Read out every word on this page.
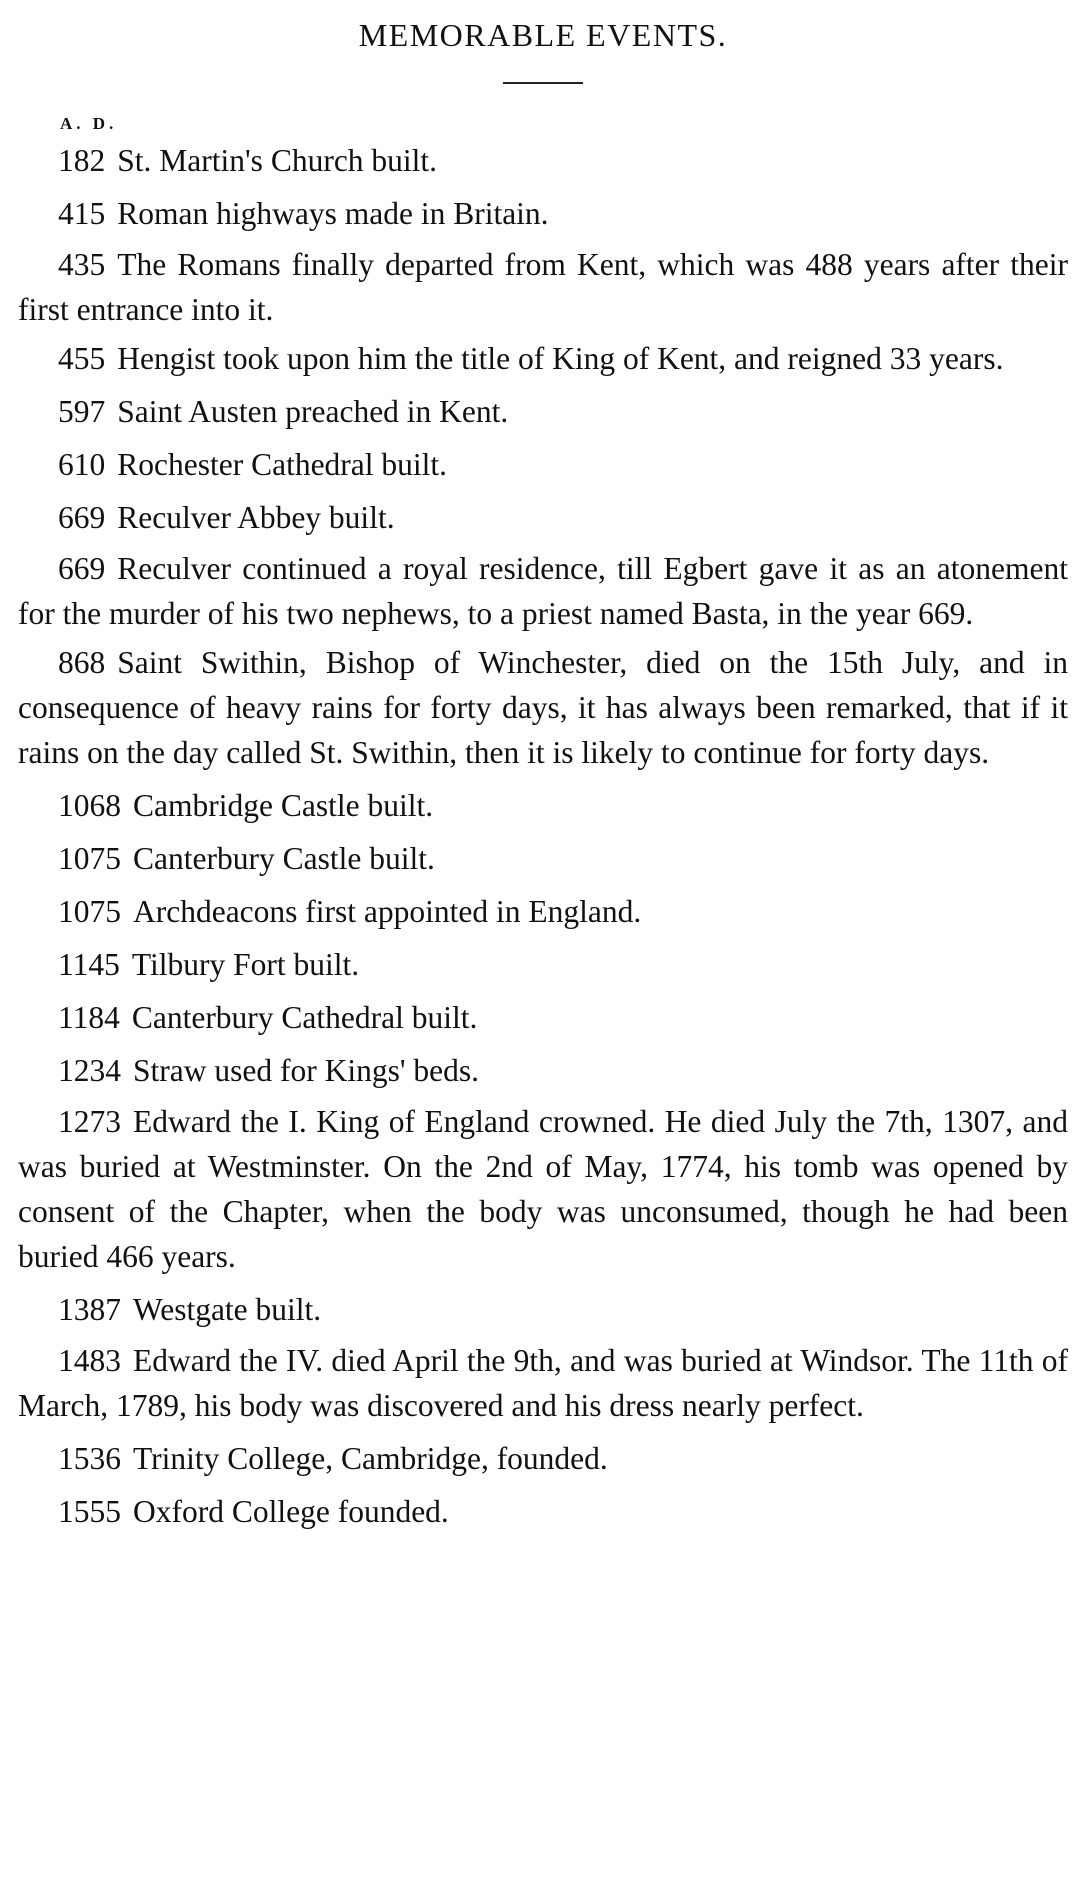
MEMORABLE EVENTS.
A. D.

182 St. Martin's Church built.

415 Roman highways made in Britain.

435 The Romans finally departed from Kent, which was 488 years after their first entrance into it.

455 Hengist took upon him the title of King of Kent, and reigned 33 years.

597 Saint Austen preached in Kent.

610 Rochester Cathedral built.

669 Reculver Abbey built.

669 Reculver continued a royal residence, till Egbert gave it as an atonement for the murder of his two nephews, to a priest named Basta, in the year 669.

868 Saint Swithin, Bishop of Winchester, died on the 15th July, and in consequence of heavy rains for forty days, it has always been remarked, that if it rains on the day called St. Swithin, then it is likely to continue for forty days.

1068 Cambridge Castle built.

1075 Canterbury Castle built.

1075 Archdeacons first appointed in England.

1145 Tilbury Fort built.

1184 Canterbury Cathedral built.

1234 Straw used for Kings' beds.

1273 Edward the I. King of England crowned. He died July the 7th, 1307, and was buried at Westminster. On the 2nd of May, 1774, his tomb was opened by consent of the Chapter, when the body was unconsumed, though he had been buried 466 years.

1387 Westgate built.

1483 Edward the IV. died April the 9th, and was buried at Windsor. The 11th of March, 1789, his body was discovered and his dress nearly perfect.

1536 Trinity College, Cambridge, founded.

1555 Oxford College founded.
